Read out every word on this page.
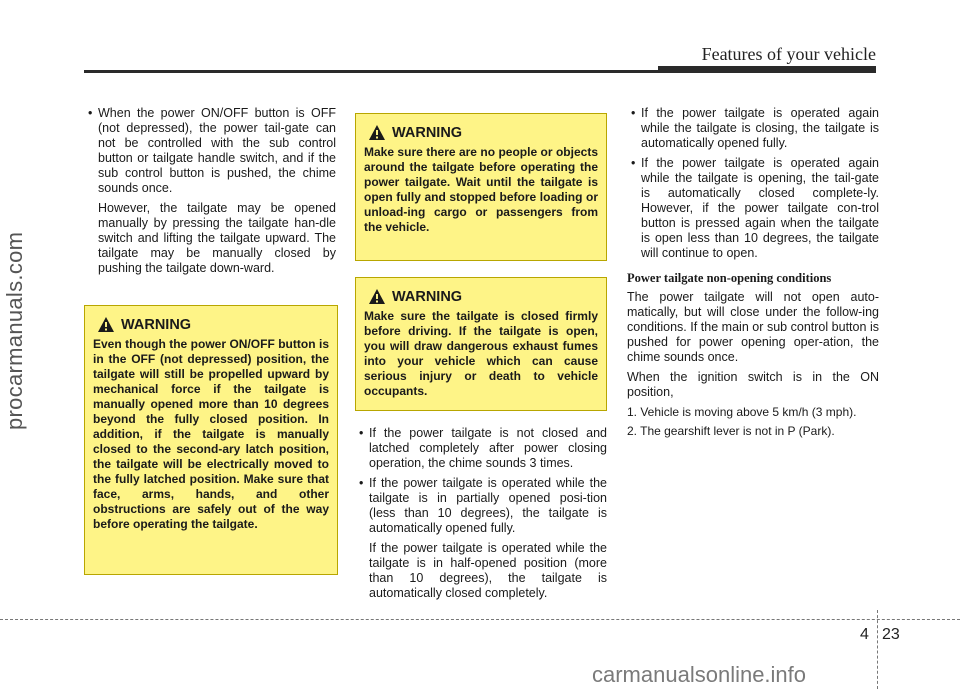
Features of your vehicle
procarmanuals.com

• When the power ON/OFF button is OFF (not depressed), the power tail-gate can not be controlled with the sub control button or tailgate handle switch, and if the sub control button is pushed, the chime sounds once.

However, the tailgate may be opened manually by pressing the tailgate han-dle switch and lifting the tailgate upward. The tailgate may be manually closed by pushing the tailgate down-ward.

WARNING

Even though the power ON/OFF button is in the OFF (not depressed) position, the tailgate will still be propelled upward by mechanical force if the tailgate is manually opened more than 10 degrees beyond the fully closed position. In addition, if the tailgate is manually closed to the second-ary latch position, the tailgate will be electrically moved to the fully latched position. Make sure that face, arms, hands, and other obstructions are safely out of the way before operating the tailgate.

WARNING

Make sure there are no people or objects around the tailgate before operating the power tailgate. Wait until the tailgate is open fully and stopped before loading or unload-ing cargo or passengers from the vehicle.

WARNING

Make sure the tailgate is closed firmly before driving. If the tailgate is open, you will draw dangerous exhaust fumes into your vehicle which can cause serious injury or death to vehicle occupants.

• If the power tailgate is not closed and latched completely after power closing operation, the chime sounds 3 times.

• If the power tailgate is operated while the tailgate is in partially opened posi-tion (less than 10 degrees), the tailgate is automatically opened fully.

If the power tailgate is operated while the tailgate is in half-opened position (more than 10 degrees), the tailgate is automatically closed completely.

• If the power tailgate is operated again while the tailgate is closing, the tailgate is automatically opened fully.

• If the power tailgate is operated again while the tailgate is opening, the tail-gate is automatically closed complete-ly. However, if the power tailgate con-trol button is pressed again when the tailgate is open less than 10 degrees, the tailgate will continue to open.

Power tailgate non-opening conditions

The power tailgate will not open auto-matically, but will close under the follow-ing conditions. If the main or sub control button is pushed for power opening oper-ation, the chime sounds once.

When the ignition switch is in the ON position,

1. Vehicle is moving above 5 km/h (3 mph).

2. The gearshift lever is not in P (Park).

4 23
carmanualsonline.info
